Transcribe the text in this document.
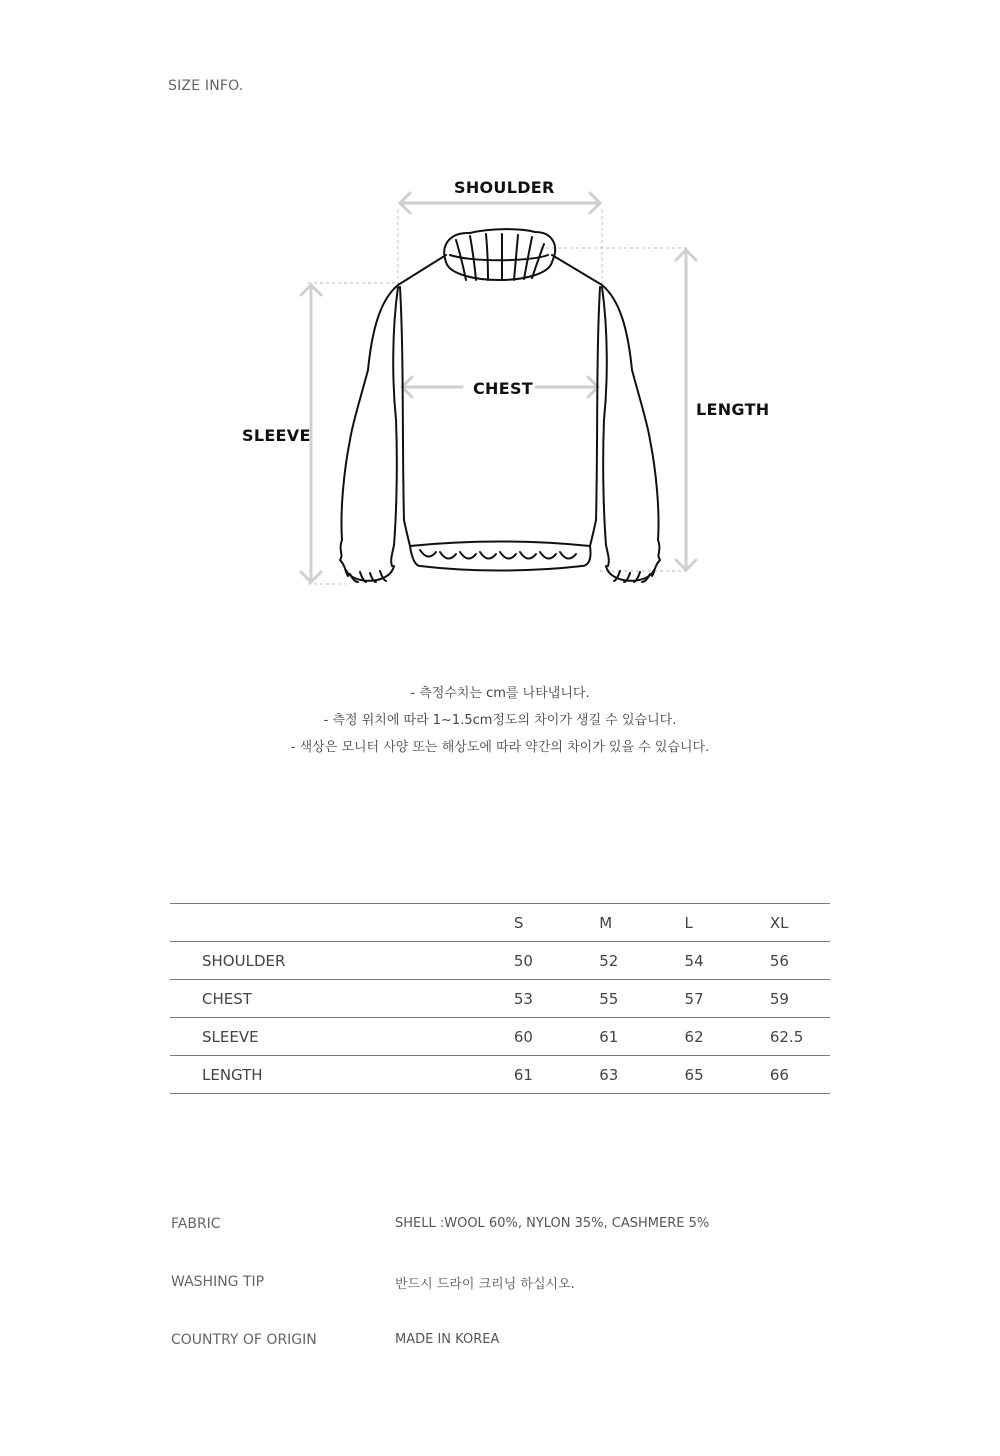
SIZE INFO.
SHOULDER
CHEST
SLEEVE
LENGTH
- 측정수치는 cm를 나타냅니다.
- 측정 위치에 따라 1~1.5cm정도의 차이가 생길 수 있습니다.
- 색상은 모니터 사양 또는 해상도에 따라 약간의 차이가 있을 수 있습니다.
	S	M	L	XL
SHOULDER	50	52	54	56
CHEST	53	55	57	59
SLEEVE	60	61	62	62.5
LENGTH	61	63	65	66
FABRIC	SHELL :WOOL 60%, NYLON 35%, CASHMERE 5%
WASHING TIP	반드시 드라이 크리닝 하십시오.
COUNTRY OF ORIGIN	MADE IN KOREA
